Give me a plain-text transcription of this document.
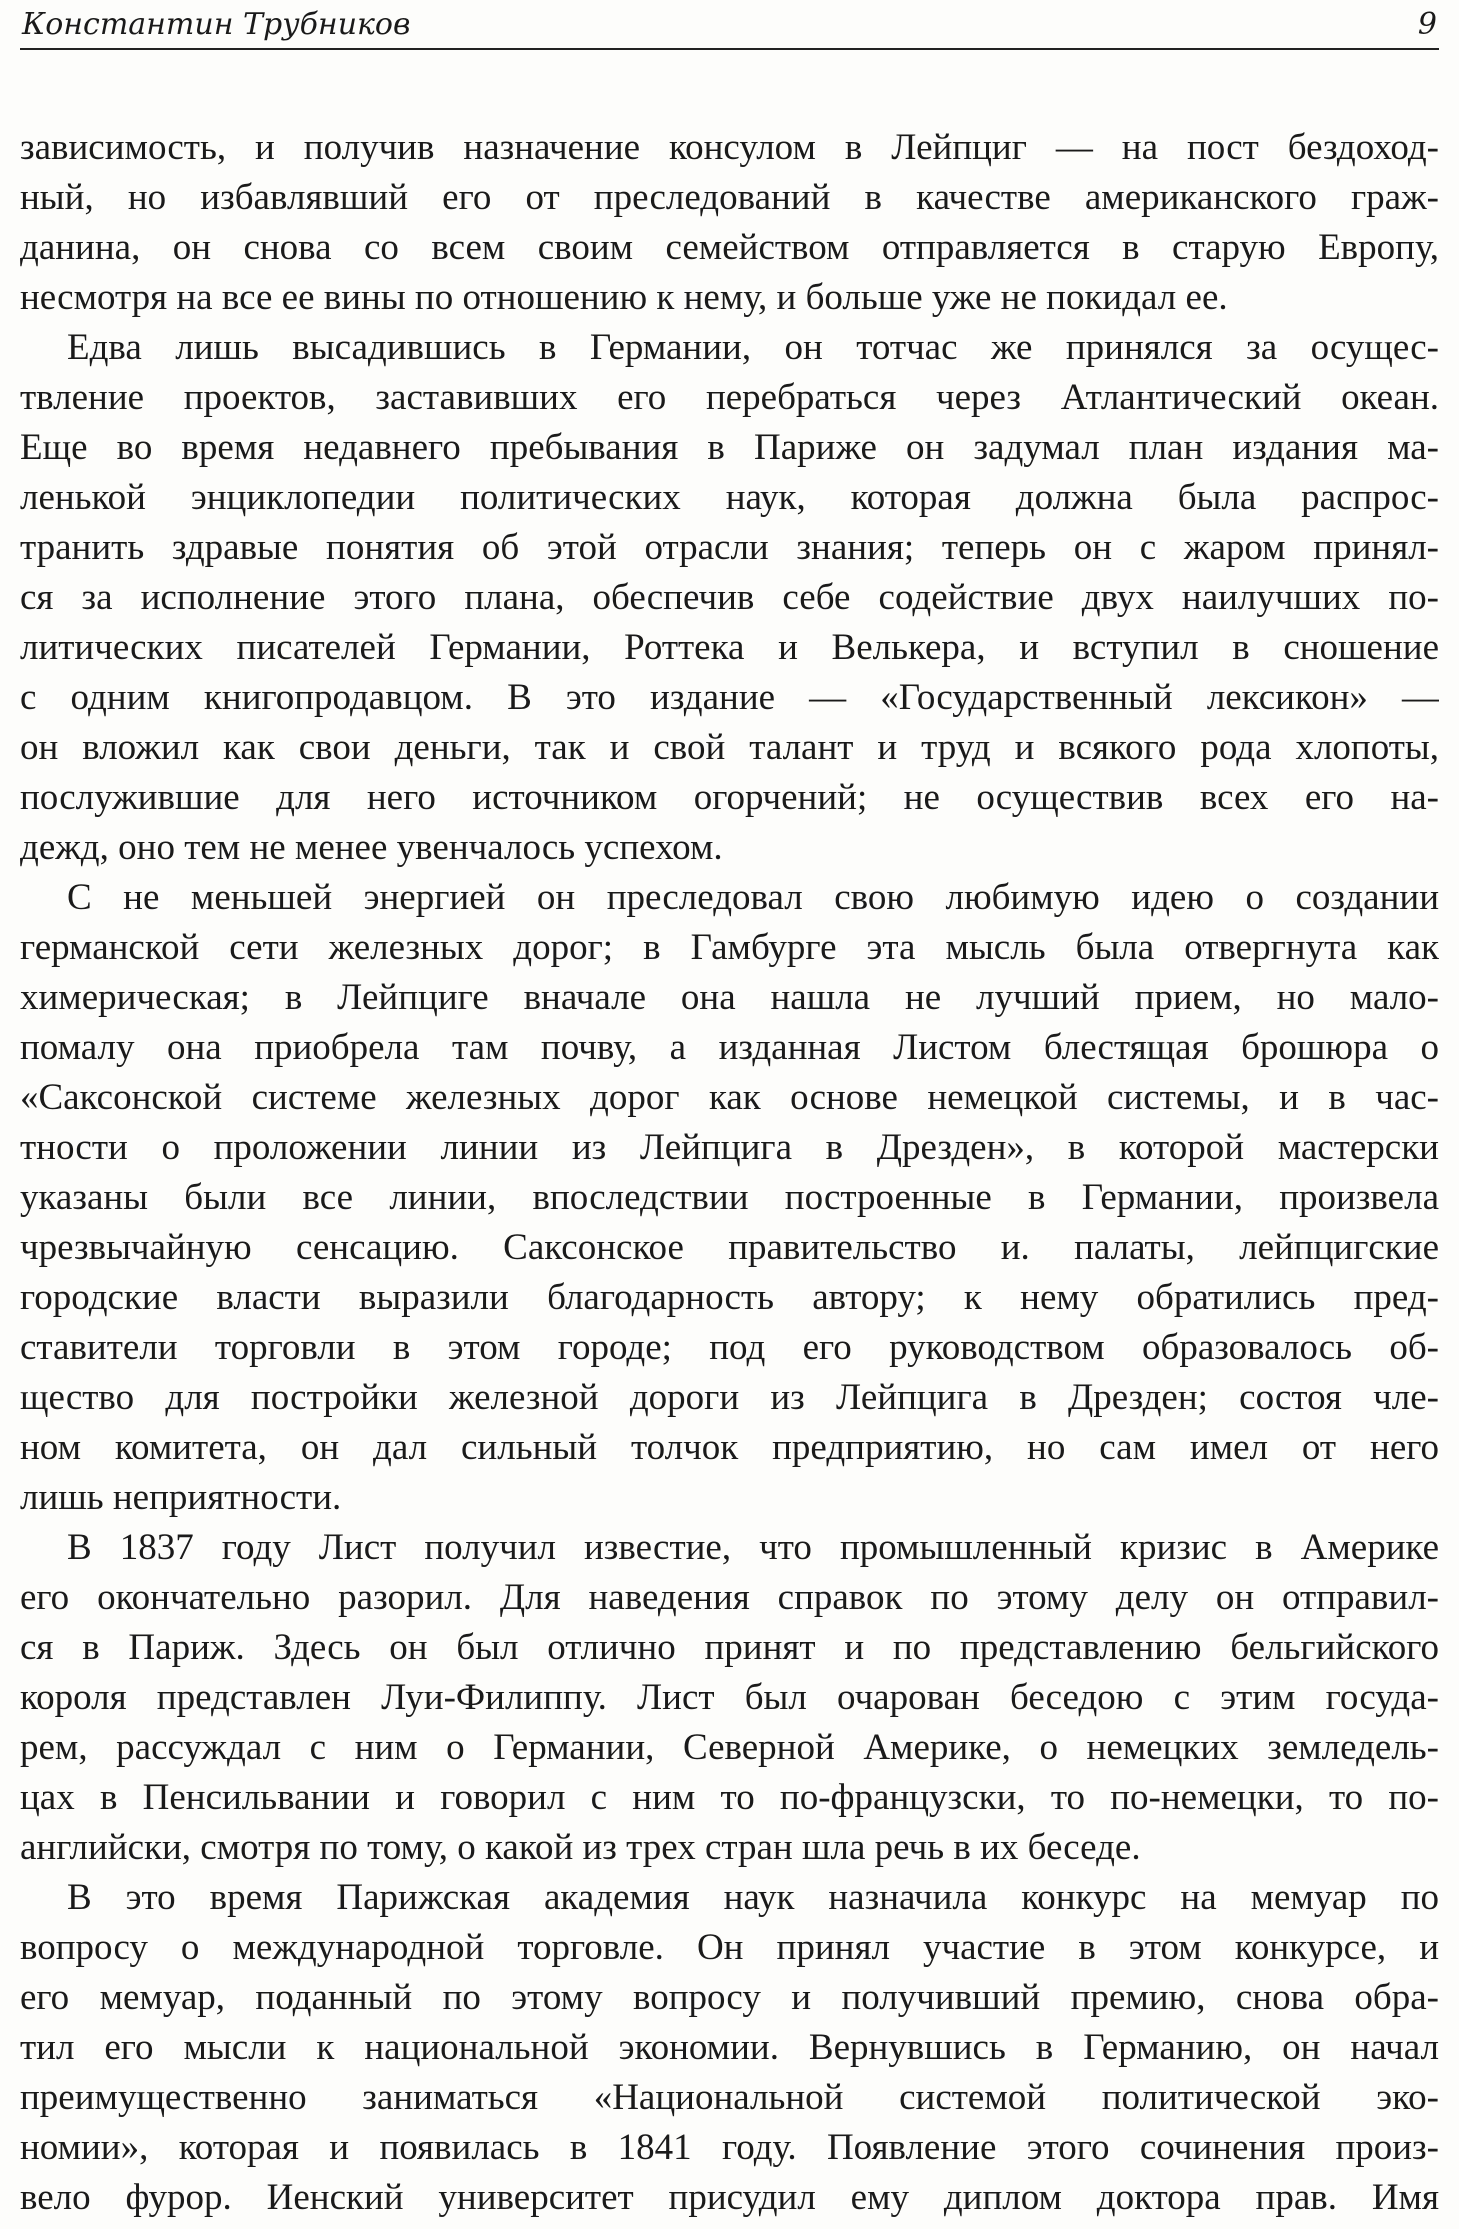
Константин Трубников	9
зависимость, и получив назначение консулом в Лейпциг — на пост бездоход-
ный, но избавлявший его от преследований в качестве американского граж-
данина, он снова со всем своим семейством отправляется в старую Европу,
несмотря на все ее вины по отношению к нему, и больше уже не покидал ее.
Едва лишь высадившись в Германии, он тотчас же принялся за осущес-
твление проектов, заставивших его перебраться через Атлантический океан.
Еще во время недавнего пребывания в Париже он задумал план издания ма-
ленькой энциклопедии политических наук, которая должна была распрос-
транить здравые понятия об этой отрасли знания; теперь он с жаром принял-
ся за исполнение этого плана, обеспечив себе содействие двух наилучших по-
литических писателей Германии, Роттека и Велькера, и вступил в сношение
с одним книгопродавцом. В это издание — «Государственный лексикон» —
он вложил как свои деньги, так и свой талант и труд и всякого рода хлопоты,
послужившие для него источником огорчений; не осуществив всех его на-
дежд, оно тем не менее увенчалось успехом.
С не меньшей энергией он преследовал свою любимую идею о создании
германской сети железных дорог; в Гамбурге эта мысль была отвергнута как
химерическая; в Лейпциге вначале она нашла не лучший прием, но мало-
помалу она приобрела там почву, а изданная Листом блестящая брошюра о
«Саксонской системе железных дорог как основе немецкой системы, и в час-
тности о проложении линии из Лейпцига в Дрезден», в которой мастерски
указаны были все линии, впоследствии построенные в Германии, произвела
чрезвычайную сенсацию. Саксонское правительство и. палаты, лейпцигские
городские власти выразили благодарность автору; к нему обратились пред-
ставители торговли в этом городе; под его руководством образовалось об-
щество для постройки железной дороги из Лейпцига в Дрезден; состоя чле-
ном комитета, он дал сильный толчок предприятию, но сам имел от него
лишь неприятности.
В 1837 году Лист получил известие, что промышленный кризис в Америке
его окончательно разорил. Для наведения справок по этому делу он отправил-
ся в Париж. Здесь он был отлично принят и по представлению бельгийского
короля представлен Луи-Филиппу. Лист был очарован беседою с этим госуда-
рем, рассуждал с ним о Германии, Северной Америке, о немецких земледель-
цах в Пенсильвании и говорил с ним то по-французски, то по-немецки, то по-
английски, смотря по тому, о какой из трех стран шла речь в их беседе.
В это время Парижская академия наук назначила конкурс на мемуар по
вопросу о международной торговле. Он принял участие в этом конкурсе, и
его мемуар, поданный по этому вопросу и получивший премию, снова обра-
тил его мысли к национальной экономии. Вернувшись в Германию, он начал
преимущественно заниматься «Национальной системой политической эко-
номии», которая и появилась в 1841 году. Появление этого сочинения произ-
вело фурор. Иенский университет присудил ему диплом доктора прав. Имя
